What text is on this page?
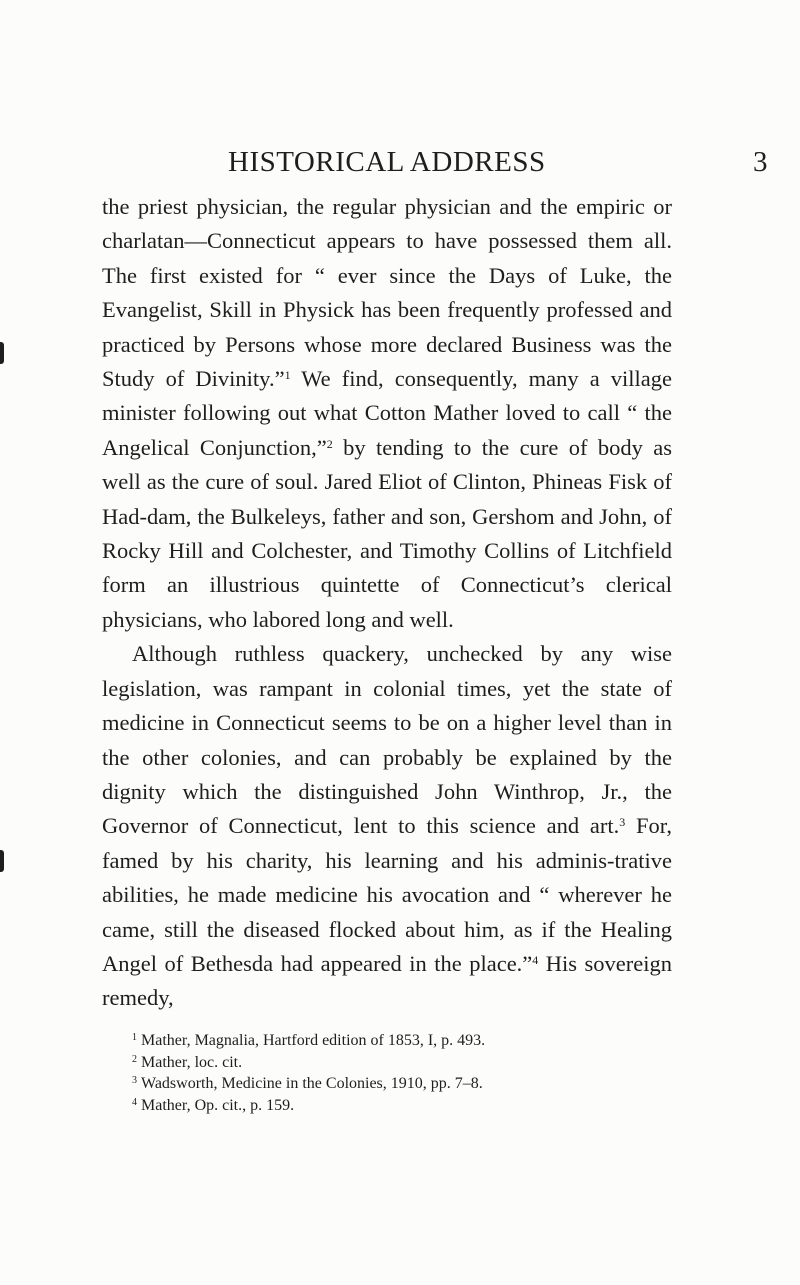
HISTORICAL ADDRESS	3

the priest physician, the regular physician and the empiric or charlatan—Connecticut appears to have possessed them all. The first existed for “ ever since the Days of Luke, the Evangelist, Skill in Physick has been frequently professed and practiced by Persons whose more declared Business was the Study of Divinity.”$^1$ We find, consequently, many a village minister following out what Cotton Mather loved to call “ the Angelical Conjunction,”$^2$ by tending to the cure of body as well as the cure of soul. Jared Eliot of Clinton, Phineas Fisk of Had-dam, the Bulkeleys, father and son, Gershom and John, of Rocky Hill and Colchester, and Timothy Collins of Litchfield form an illustrious quintette of Connecticut’s clerical physicians, who labored long and well.

Although ruthless quackery, unchecked by any wise legislation, was rampant in colonial times, yet the state of medicine in Connecticut seems to be on a higher level than in the other colonies, and can probably be explained by the dignity which the distinguished John Winthrop, Jr., the Governor of Connecticut, lent to this science and art.$^3$ For, famed by his charity, his learning and his adminis-trative abilities, he made medicine his avocation and “ wherever he came, still the diseased flocked about him, as if the Healing Angel of Bethesda had appeared in the place.”$^4$ His sovereign remedy,

$^1$ Mather, Magnalia, Hartford edition of 1853, I, p. 493.

$^2$ Mather, loc. cit.

$^3$ Wadsworth, Medicine in the Colonies, 1910, pp. 7–8.

$^4$ Mather, Op. cit., p. 159.
